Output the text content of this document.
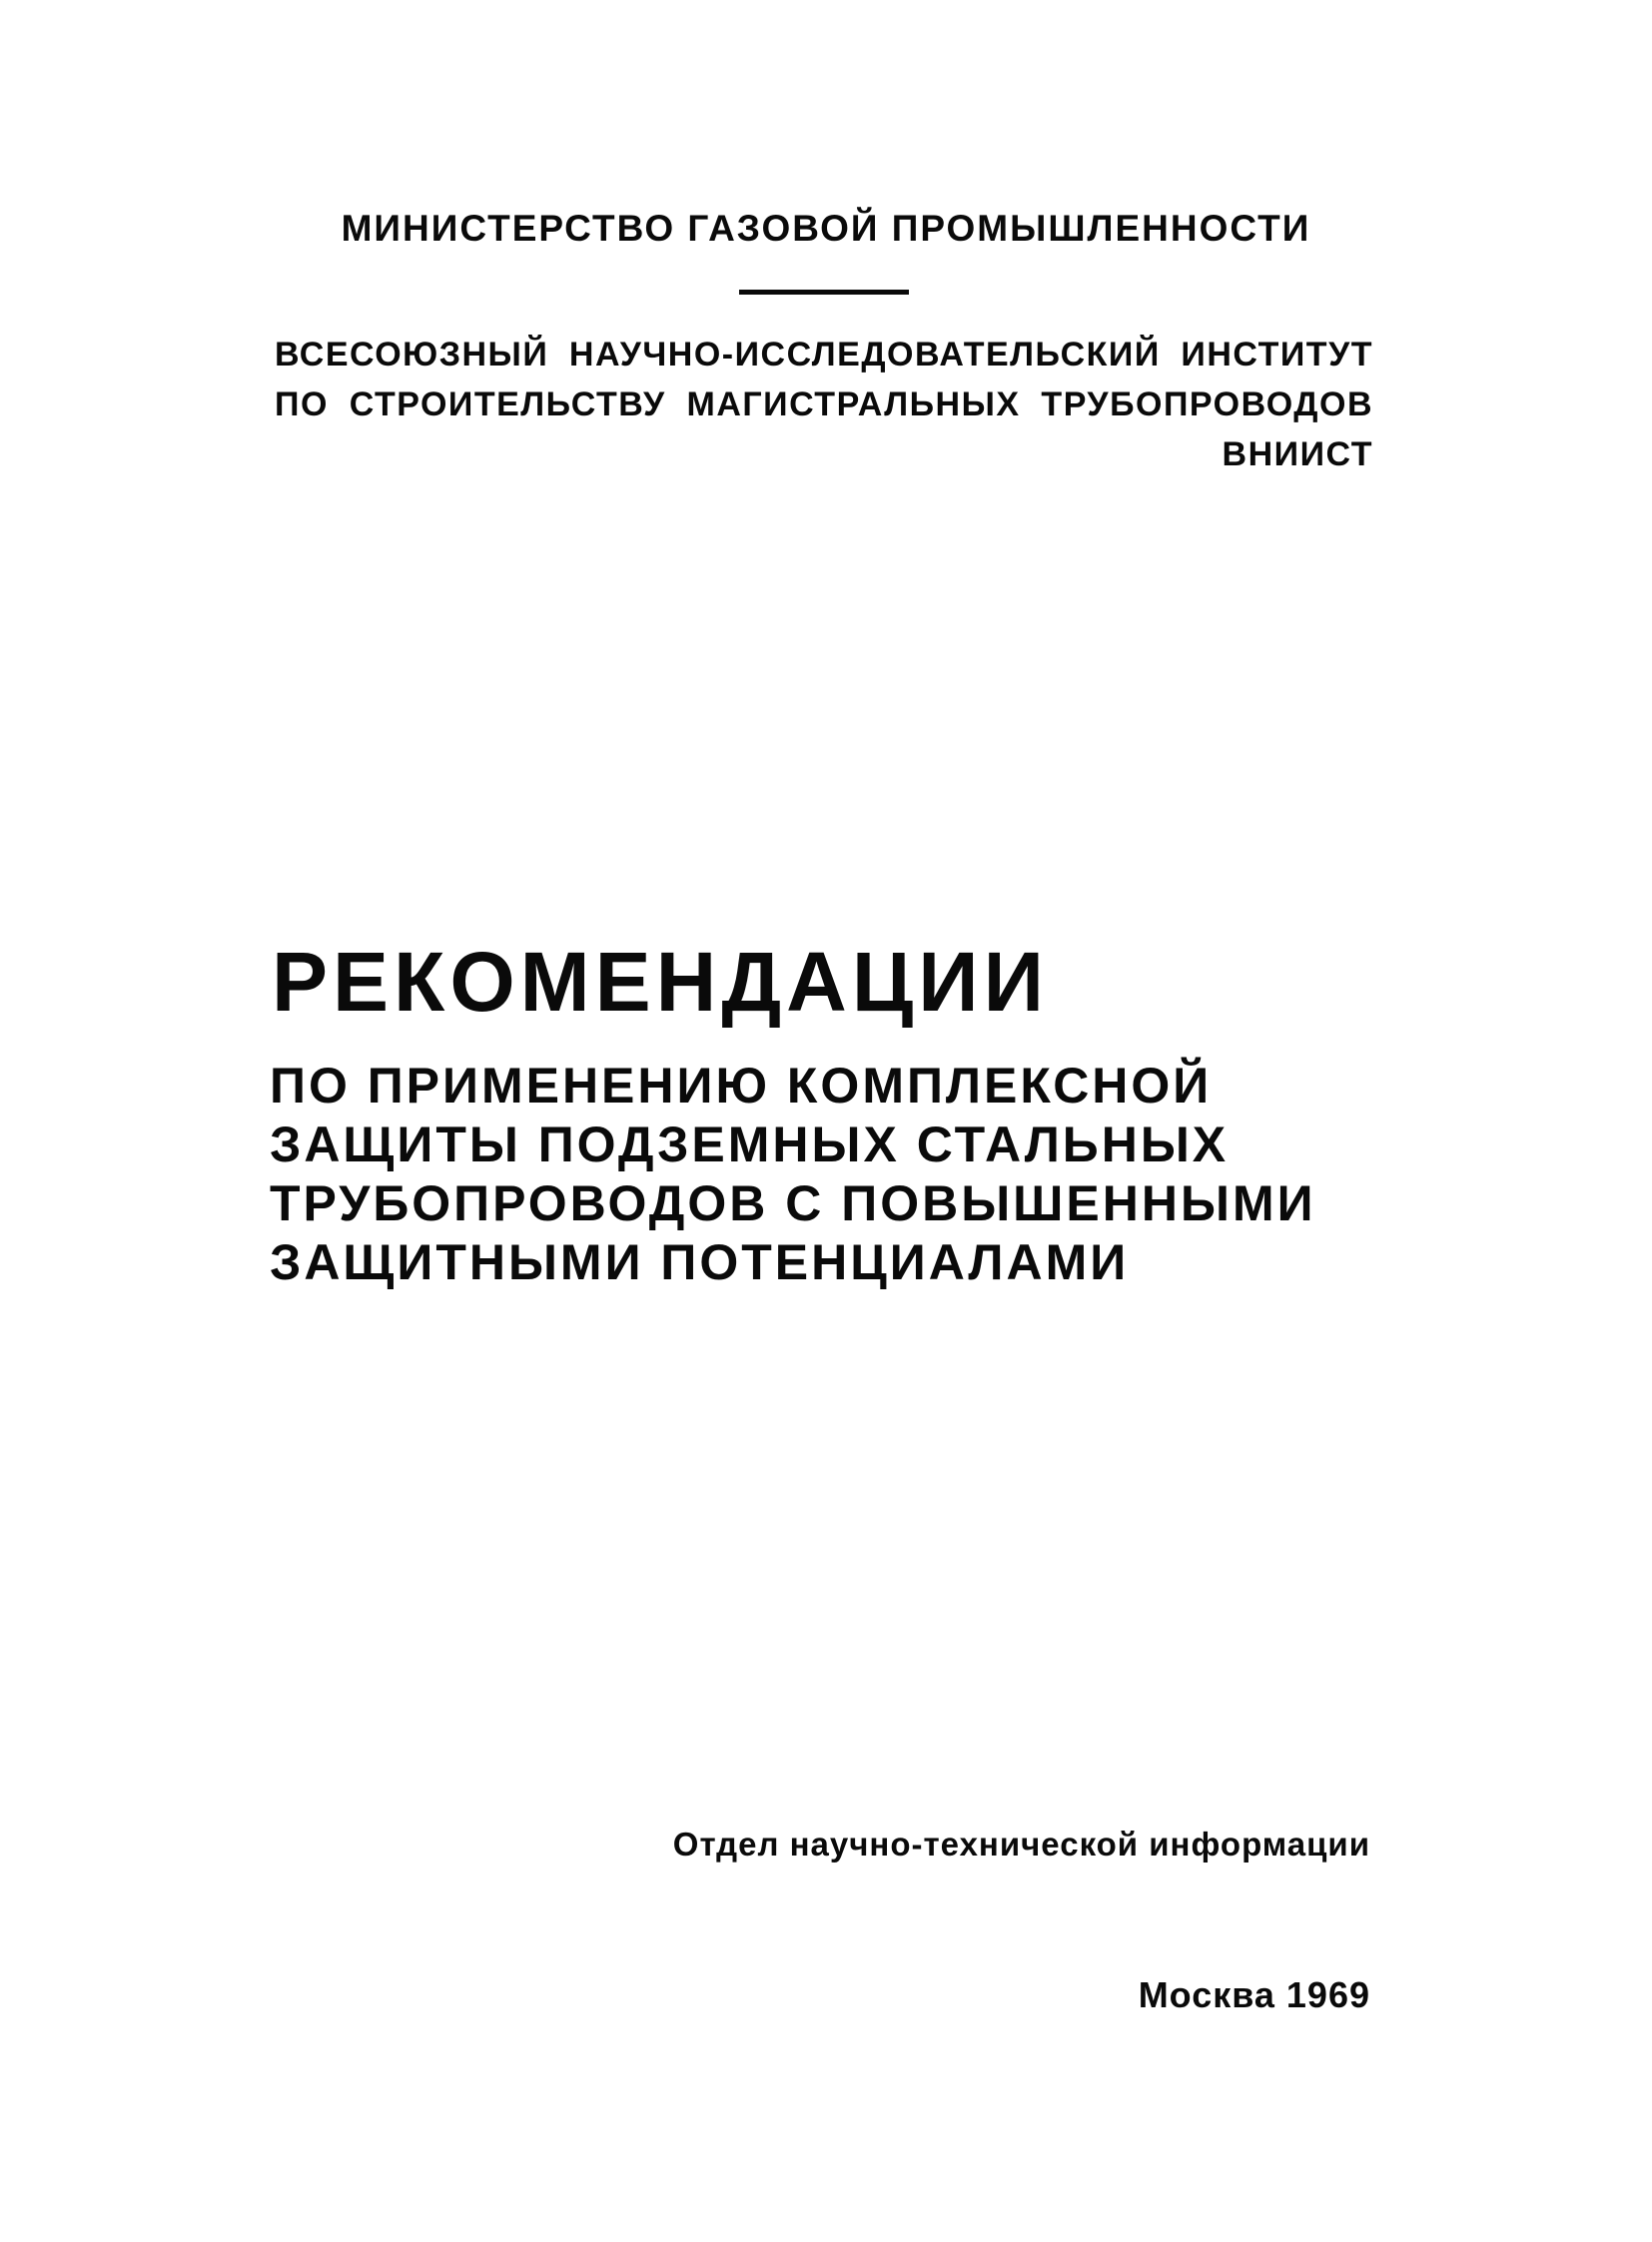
МИНИСТЕРСТВО ГАЗОВОЙ ПРОМЫШЛЕННОСТИ
ВСЕСОЮЗНЫЙ НАУЧНО-ИССЛЕДОВАТЕЛЬСКИЙ ИНСТИТУТ
ПО СТРОИТЕЛЬСТВУ МАГИСТРАЛЬНЫХ ТРУБОПРОВОДОВ
ВНИИСТ
РЕКОМЕНДАЦИИ
ПО ПРИМЕНЕНИЮ КОМПЛЕКСНОЙ
ЗАЩИТЫ ПОДЗЕМНЫХ СТАЛЬНЫХ
ТРУБОПРОВОДОВ С ПОВЫШЕННЫМИ
ЗАЩИТНЫМИ ПОТЕНЦИАЛАМИ
Отдел научно-технической информации
Москва 1969
